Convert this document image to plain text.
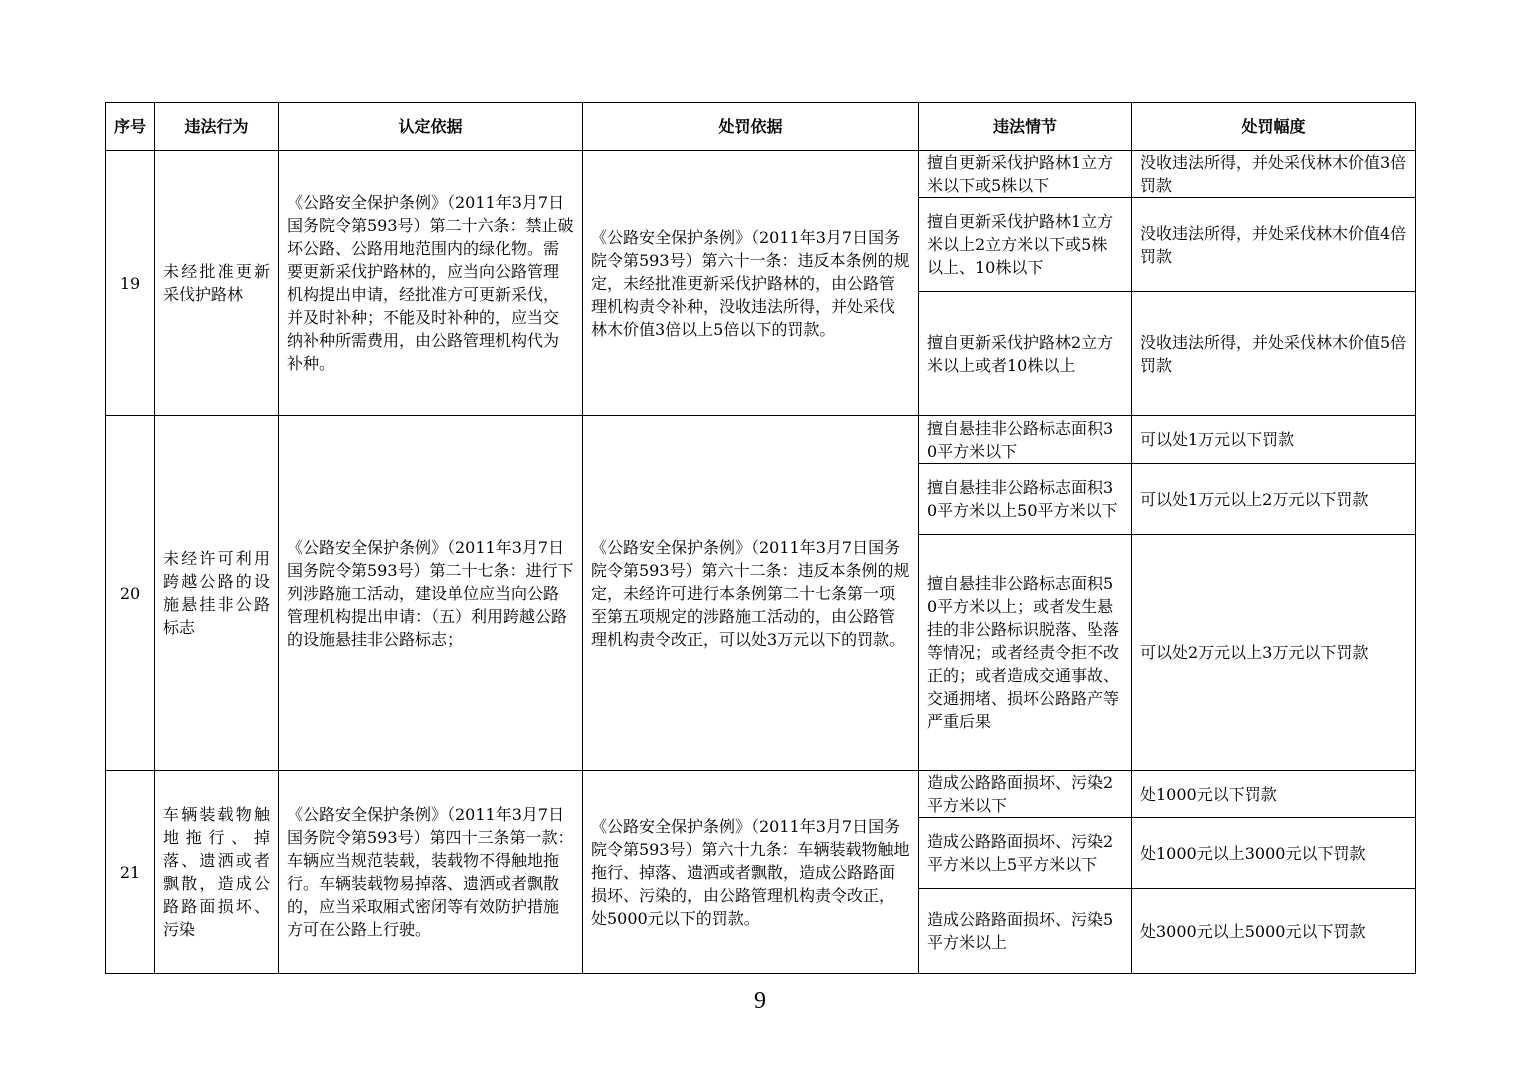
序号	违法行为	认定依据	处罚依据	违法情节	处罚幅度
19	未经批准更新采伐护路林	《公路安全保护条例》（2011年3月7日国务院令第593号）第二十六条：禁止破坏公路、公路用地范围内的绿化物。需要更新采伐护路林的，应当向公路管理机构提出申请，经批准方可更新采伐，并及时补种；不能及时补种的，应当交纳补种所需费用，由公路管理机构代为补种。	《公路安全保护条例》（2011年3月7日国务院令第593号）第六十一条：违反本条例的规定，未经批准更新采伐护路林的，由公路管理机构责令补种，没收违法所得，并处采伐林木价值3倍以上5倍以下的罚款。	擅自更新采伐护路林1立方米以下或5株以下	没收违法所得，并处采伐林木价值3倍罚款
				擅自更新采伐护路林1立方米以上2立方米以下或5株以上、10株以下	没收违法所得，并处采伐林木价值4倍罚款
				擅自更新采伐护路林2立方米以上或者10株以上	没收违法所得，并处采伐林木价值5倍罚款
20	未经许可利用跨越公路的设施悬挂非公路标志	《公路安全保护条例》（2011年3月7日国务院令第593号）第二十七条：进行下列涉路施工活动，建设单位应当向公路管理机构提出申请：（五）利用跨越公路的设施悬挂非公路标志；	《公路安全保护条例》（2011年3月7日国务院令第593号）第六十二条：违反本条例的规定，未经许可进行本条例第二十七条第一项至第五项规定的涉路施工活动的，由公路管理机构责令改正，可以处3万元以下的罚款。	擅自悬挂非公路标志面积30平方米以下	可以处1万元以下罚款
				擅自悬挂非公路标志面积30平方米以上50平方米以下	可以处1万元以上2万元以下罚款
				擅自悬挂非公路标志面积50平方米以上；或者发生悬挂的非公路标识脱落、坠落等情况；或者经责令拒不改正的；或者造成交通事故、交通拥堵、损坏公路路产等严重后果	可以处2万元以上3万元以下罚款
21	车辆装载物触地拖行、掉落、遗洒或者飘散，造成公路路面损坏、污染	《公路安全保护条例》（2011年3月7日国务院令第593号）第四十三条第一款：车辆应当规范装载，装载物不得触地拖行。车辆装载物易掉落、遗洒或者飘散的，应当采取厢式密闭等有效防护措施方可在公路上行驶。	《公路安全保护条例》（2011年3月7日国务院令第593号）第六十九条：车辆装载物触地拖行、掉落、遗洒或者飘散，造成公路路面损坏、污染的，由公路管理机构责令改正，处5000元以下的罚款。	造成公路路面损坏、污染2平方米以下	处1000元以下罚款
				造成公路路面损坏、污染2平方米以上5平方米以下	处1000元以上3000元以下罚款
				造成公路路面损坏、污染5平方米以上	处3000元以上5000元以下罚款
9
